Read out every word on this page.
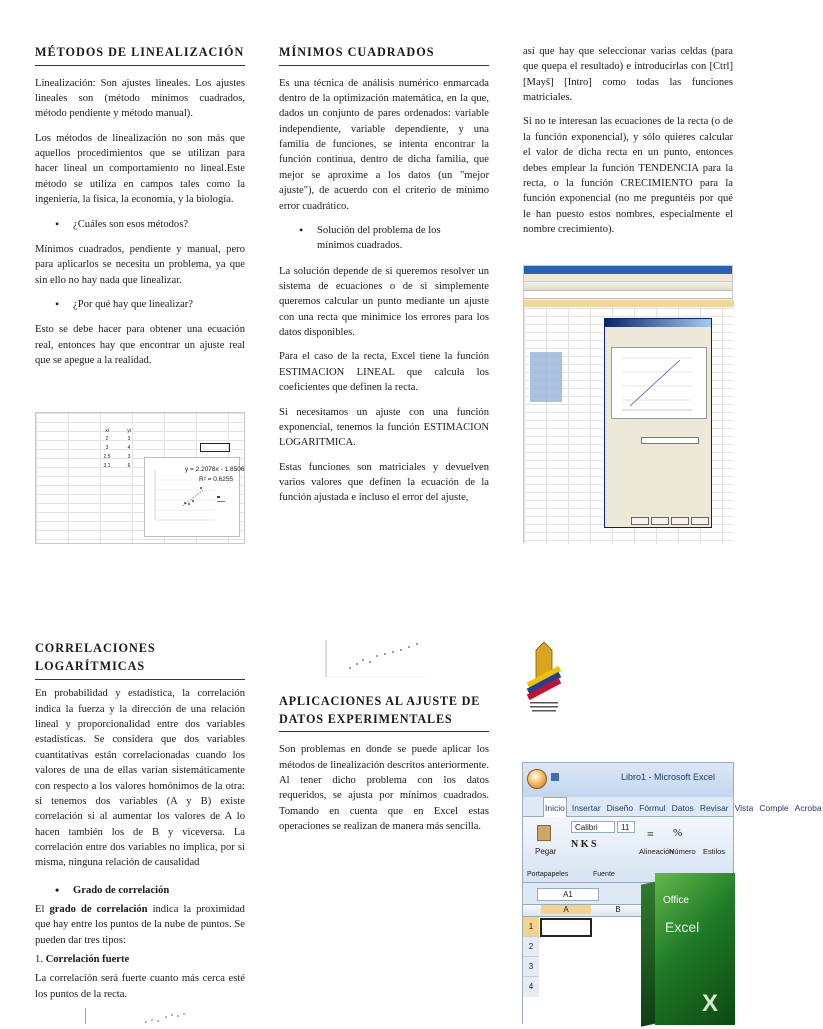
MÉTODOS DE LINEALIZACIÓN

Linealización: Son ajustes lineales. Los ajustes lineales son (método mínimos cuadrados, método pendiente y método manual).

Los métodos de linealización no son más que aquellos procedimientos que se utilizan para hacer lineal un comportamiento no lineal.Este método se utiliza en campos tales como la ingeniería, la física, la economía, y la biología.

• ¿Cuáles son esos métodos?

Mínimos cuadrados, pendiente y manual, pero para aplicarlos se necesita un problema, ya que sin ello no hay nada que linealizar.

• ¿Por qué hay que linealizar?

Esto se debe hacer para obtener una ecuación real, entonces hay que encontrar un ajuste real que se apegue a la realidad.

xi	yi
2	3
3	4
2.5	3
3.1	6	y = 2.2078x - 1.8506
R² = 0.6255
CORRELACIONES LOGARÍTMICAS

En probabilidad y estadística, la correlación indica la fuerza y la dirección de una relación lineal y proporcionalidad entre dos variables estadísticas. Se considera que dos variables cuantitativas están correlacionadas cuando los valores de una de ellas varían sistemáticamente con respecto a los valores homónimos de la otra: si tenemos dos variables (A y B) existe correlación si al aumentar los valores de A lo hacen también los de B y viceversa. La correlación entre dos variables no implica, por sí misma, ninguna relación de causalidad

• Grado de correlación

El grado de correlación indica la proximidad que hay entre los puntos de la nube de puntos. Se pueden dar tres tipos:

1. Correlación fuerte

La correlación será fuerte cuanto más cerca esté los puntos de la recta.

MÍNIMOS CUADRADOS

Es una técnica de análisis numérico enmarcada dentro de la optimización matemática, en la que, dados un conjunto de pares ordenados: variable independiente, variable dependiente, y una familia de funciones, se intenta encontrar la función continua, dentro de dicha familia, que mejor se aproxime a los datos (un "mejor ajuste"), de acuerdo con el criterio de mínimo error cuadrático.

• Solución del problema de los mínimos cuadrados.

La solución depende de si queremos resolver un sistema de ecuaciones o de si simplemente queremos calcular un punto mediante un ajuste con una recta que minimice los errores para los datos disponibles.

Para el caso de la recta, Excel tiene la función ESTIMACION LINEAL que calcula los coeficientes que definen la recta.

Si necesitamos un ajuste con una función exponencial, tenemos la función ESTIMACION LOGARITMICA.

Estas funciones son matriciales y devuelven varios valores que definen la ecuación de la función ajustada e incluso el error del ajuste,

APLICACIONES AL AJUSTE DE DATOS EXPERIMENTALES

Son problemas en donde se puede aplicar los métodos de linealización descritos anteriormente. Al tener dicho problema con los datos requeridos, se ajusta por mínimos cuadrados. Tomando en cuenta que en Excel estas operaciones se realizan de manera más sencilla.

así que hay que seleccionar varias celdas (para que quepa el resultado) e introducirlas con [Ctrl] [Mayš] [Intro] como todas las funciones matriciales.

Si no te interesan las ecuaciones de la recta (o de la función exponencial), y sólo quieres calcular el valor de dicha recta en un punto, entonces debes emplear la función TENDENCIA para la recta, o la función CRECIMIENTO para la función exponencial (no me preguntéis por qué le han puesto estos nombres, especialmente el nombre crecimiento).

Libro1 - Microsoft Excel
Inicio Insertar Diseño Fórmul Datos Revisar Vista Comple Acroba
Pegar
Calibri	11
N K S
≡ %
Alineación
Número Estilos
Portapapeles	Fuente
A1
A	B
1
2
3
4
Office
Excel
X
